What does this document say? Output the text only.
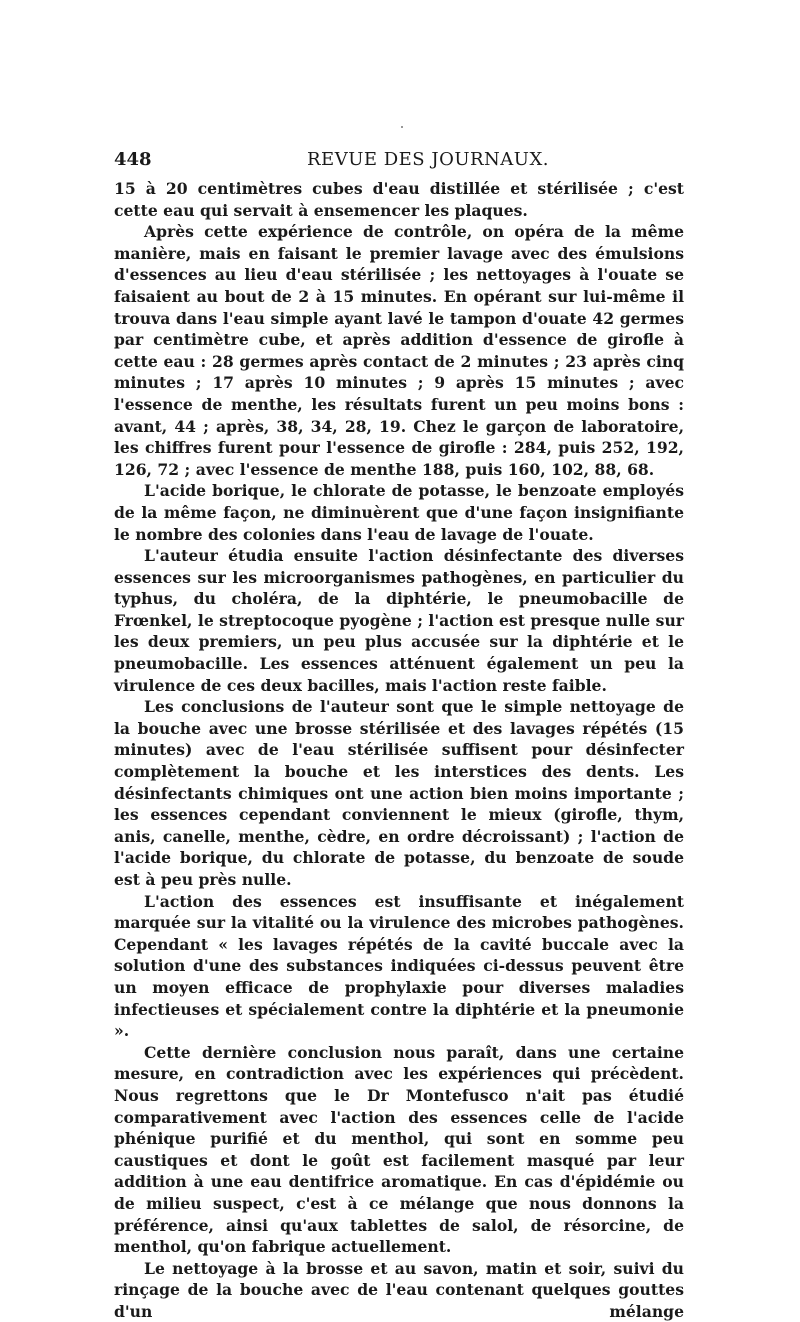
448	REVUE DES JOURNAUX.

15 à 20 centimètres cubes d'eau distillée et stérilisée ; c'est cette eau qui servait à ensemencer les plaques.

Après cette expérience de contrôle, on opéra de la même manière, mais en faisant le premier lavage avec des émulsions d'essences au lieu d'eau stérilisée ; les nettoyages à l'ouate se faisaient au bout de 2 à 15 minutes. En opérant sur lui-même il trouva dans l'eau simple ayant lavé le tampon d'ouate 42 germes par centimètre cube, et après addition d'essence de girofle à cette eau : 28 germes après contact de 2 minutes ; 23 après cinq minutes ; 17 après 10 minutes ; 9 après 15 minutes ; avec l'essence de menthe, les résultats furent un peu moins bons : avant, 44 ; après, 38, 34, 28, 19. Chez le garçon de laboratoire, les chiffres furent pour l'essence de girofle : 284, puis 252, 192, 126, 72 ; avec l'essence de menthe 188, puis 160, 102, 88, 68.

L'acide borique, le chlorate de potasse, le benzoate employés de la même façon, ne diminuèrent que d'une façon insignifiante le nombre des colonies dans l'eau de lavage de l'ouate.

L'auteur étudia ensuite l'action désinfectante des diverses essences sur les microorganismes pathogènes, en particulier du typhus, du choléra, de la diphtérie, le pneumobacille de Frœnkel, le streptocoque pyogène ; l'action est presque nulle sur les deux premiers, un peu plus accusée sur la diphtérie et le pneumobacille. Les essences atténuent également un peu la virulence de ces deux bacilles, mais l'action reste faible.

Les conclusions de l'auteur sont que le simple nettoyage de la bouche avec une brosse stérilisée et des lavages répétés (15 minutes) avec de l'eau stérilisée suffisent pour désinfecter complètement la bouche et les interstices des dents. Les désinfectants chimiques ont une action bien moins importante ; les essences cependant conviennent le mieux (girofle, thym, anis, canelle, menthe, cèdre, en ordre décroissant) ; l'action de l'acide borique, du chlorate de potasse, du benzoate de soude est à peu près nulle.

L'action des essences est insuffisante et inégalement marquée sur la vitalité ou la virulence des microbes pathogènes. Cependant « les lavages répétés de la cavité buccale avec la solution d'une des substances indiquées ci-dessus peuvent être un moyen efficace de prophylaxie pour diverses maladies infectieuses et spécialement contre la diphtérie et la pneumonie ».

Cette dernière conclusion nous paraît, dans une certaine mesure, en contradiction avec les expériences qui précèdent. Nous regrettons que le Dr Montefusco n'ait pas étudié comparativement avec l'action des essences celle de l'acide phénique purifié et du menthol, qui sont en somme peu caustiques et dont le goût est facilement masqué par leur addition à une eau dentifrice aromatique. En cas d'épidémie ou de milieu suspect, c'est à ce mélange que nous donnons la préférence, ainsi qu'aux tablettes de salol, de résorcine, de menthol, qu'on fabrique actuellement.

Le nettoyage à la brosse et au savon, matin et soir, suivi du rinçage de la bouche avec de l'eau contenant quelques gouttes d'un mélange
